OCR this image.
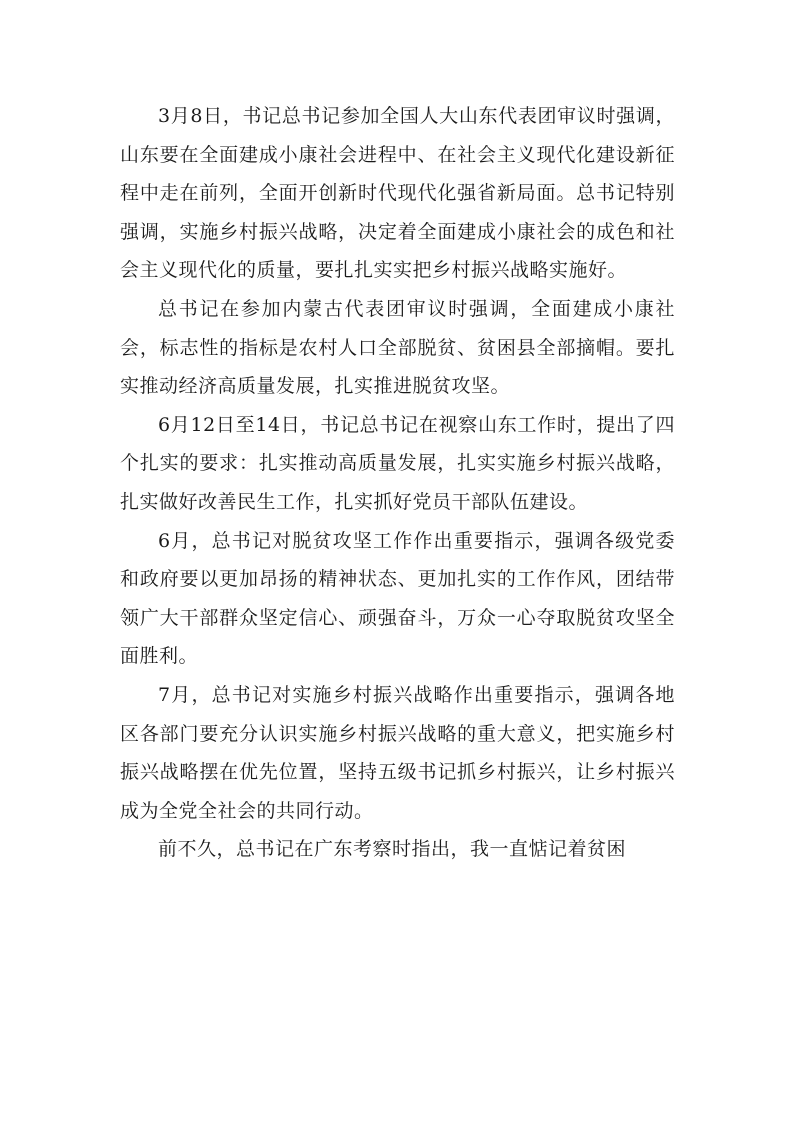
3月8日，书记总书记参加全国人大山东代表团审议时强调，山东要在全面建成小康社会进程中、在社会主义现代化建设新征程中走在前列，全面开创新时代现代化强省新局面。总书记特别强调，实施乡村振兴战略，决定着全面建成小康社会的成色和社会主义现代化的质量，要扎扎实实把乡村振兴战略实施好。

总书记在参加内蒙古代表团审议时强调，全面建成小康社会，标志性的指标是农村人口全部脱贫、贫困县全部摘帽。要扎实推动经济高质量发展，扎实推进脱贫攻坚。

6月12日至14日，书记总书记在视察山东工作时，提出了四个扎实的要求：扎实推动高质量发展，扎实实施乡村振兴战略，扎实做好改善民生工作，扎实抓好党员干部队伍建设。

6月，总书记对脱贫攻坚工作作出重要指示，强调各级党委和政府要以更加昂扬的精神状态、更加扎实的工作作风，团结带领广大干部群众坚定信心、顽强奋斗，万众一心夺取脱贫攻坚全面胜利。

7月，总书记对实施乡村振兴战略作出重要指示，强调各地区各部门要充分认识实施乡村振兴战略的重大意义，把实施乡村振兴战略摆在优先位置，坚持五级书记抓乡村振兴，让乡村振兴成为全党全社会的共同行动。

前不久，总书记在广东考察时指出，我一直惦记着贫困
